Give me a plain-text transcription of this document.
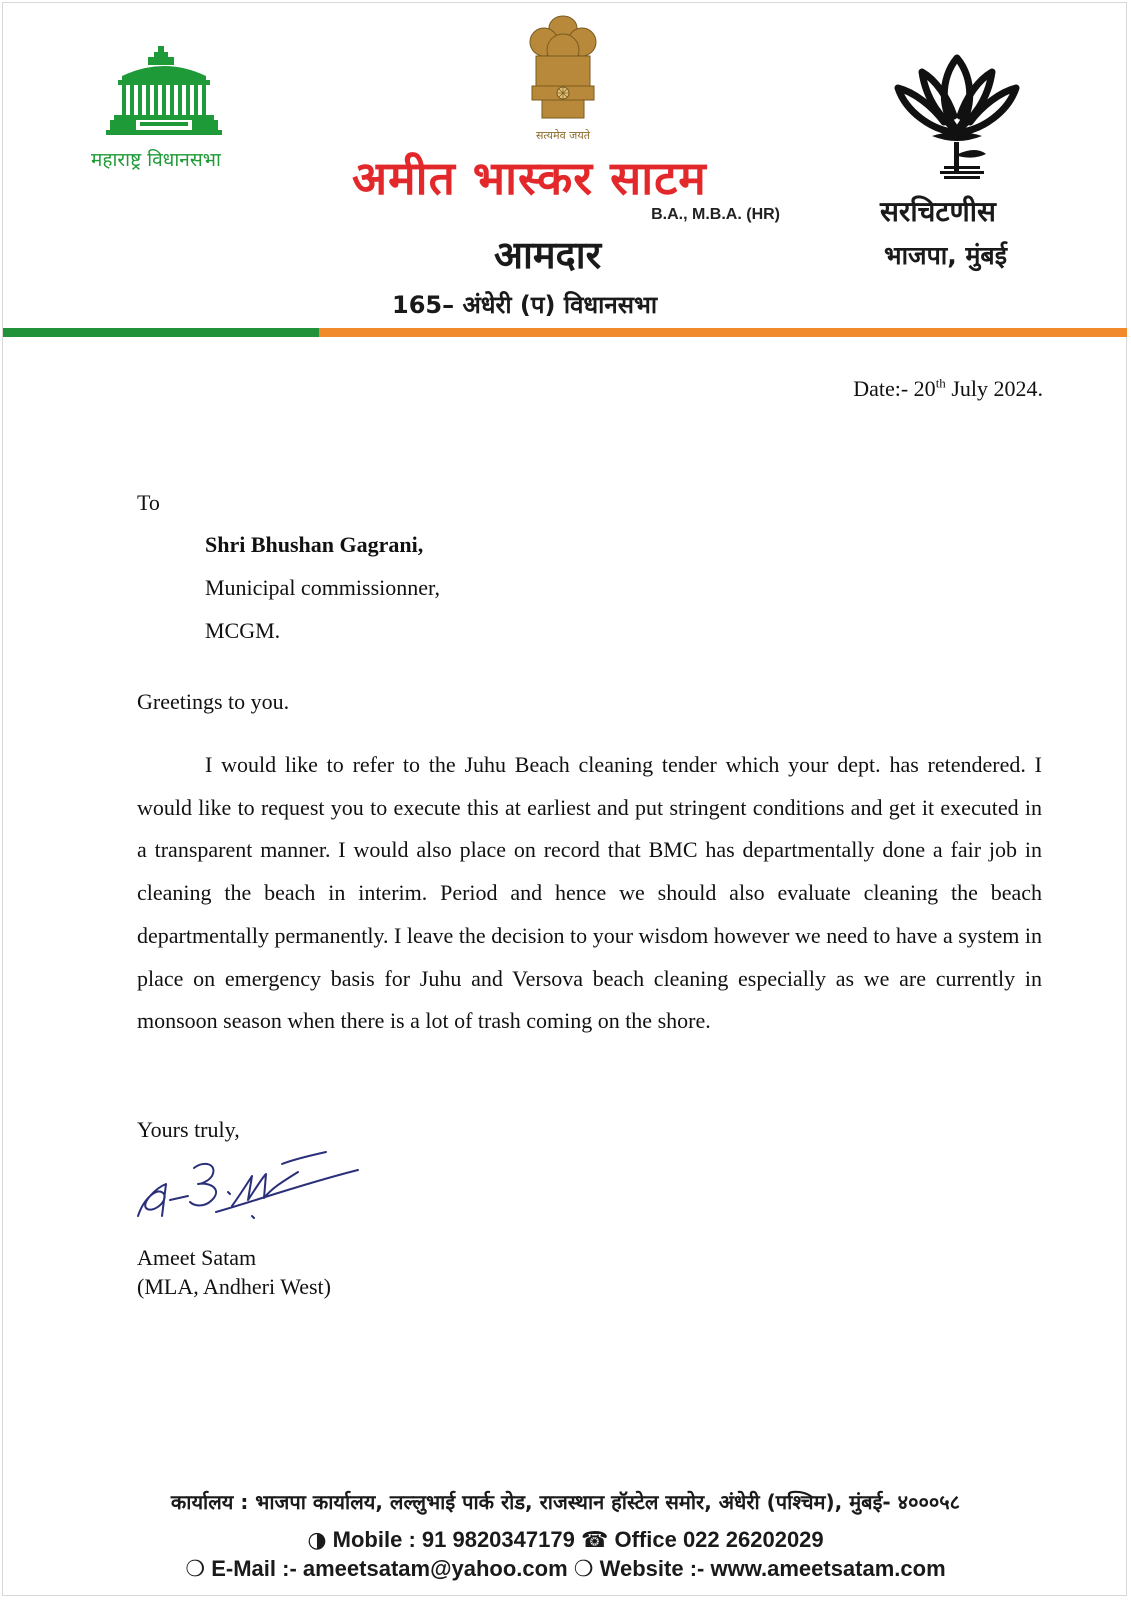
महाराष्ट्र विधानसभा
सत्यमेव जयते
अमीत भास्कर साटम
B.A., M.B.A. (HR)
आमदार
165– अंधेरी (प) विधानसभा
सरचिटणीस
भाजपा, मुंबई
Date:- 20th July 2024.
To
Shri Bhushan Gagrani,
Municipal commissionner,
MCGM.
Greetings to you.

I would like to refer to the Juhu Beach cleaning tender which your dept. has retendered. I would like to request you to execute this at earliest and put stringent conditions and get it executed in a transparent manner. I would also place on record that BMC has departmentally done a fair job in cleaning the beach in interim. Period and hence we should also evaluate cleaning the beach departmentally permanently. I leave the decision to your wisdom however we need to have a system in place on emergency basis for Juhu and Versova beach cleaning especially as we are currently in monsoon season when there is a lot of trash coming on the shore.

Yours truly,
Ameet Satam
(MLA, Andheri West)
कार्यालय : भाजपा कार्यालय, लल्लुभाई पार्क रोड, राजस्थान हॉस्टेल समोर, अंधेरी (पश्चिम), मुंबई- ४०००५८
◑ Mobile : 91 9820347179 ☎ Office 022 26202029
❍ E-Mail :- ameetsatam@yahoo.com ❍ Website :- www.ameetsatam.com
